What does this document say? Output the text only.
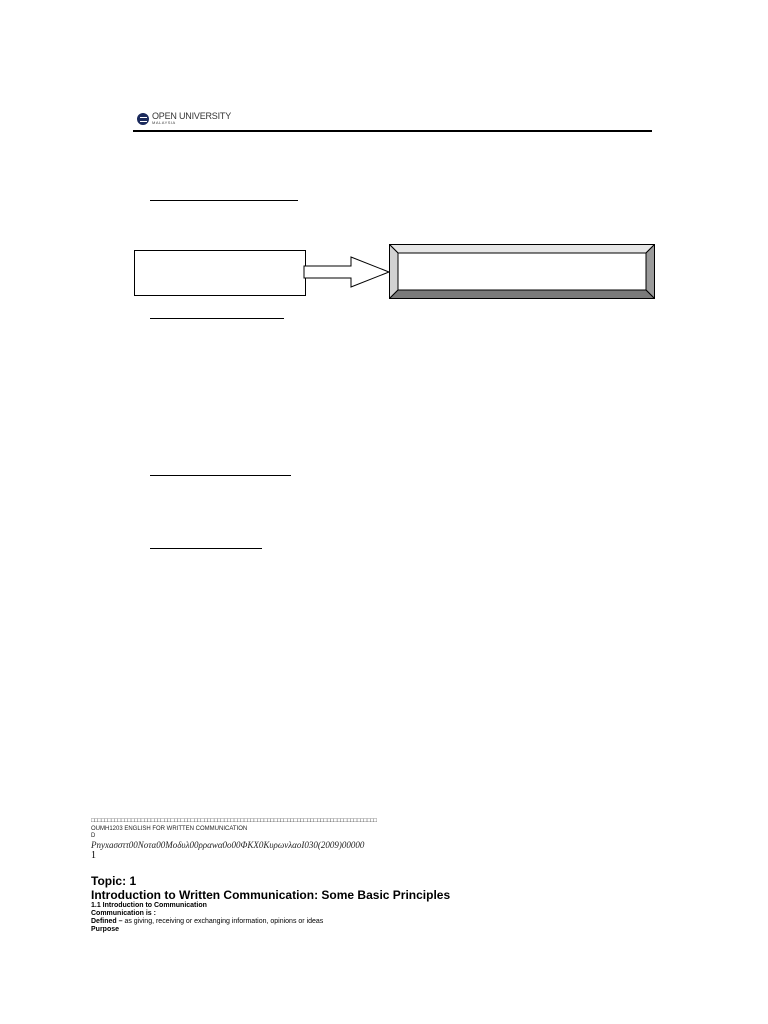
OPEN UNIVERSITY
MALAYSIA
□□□□□□□□□□□□□□□□□□□□□□□□□□□□□□□□□□□□□□□□□□□□□□□□□□□□□□□□□□□□□□□□□□□□□□□□□□□□□□□□□□□□□□
OUMH1203 ENGLISH FOR WRITTEN COMMUNICATION
D
Pnyxaσσττ00Νοτα00Μοδυλ00ρραwα0ο00ΦΚΧ0ΚυρωνλαοΙ030(2009)00000
1
Topic: 1
Introduction to Written Communication: Some Basic Principles
1.1 Introduction to Communication
Communication is :
Defined – as giving, receiving or exchanging information, opinions or ideas
Purpose
